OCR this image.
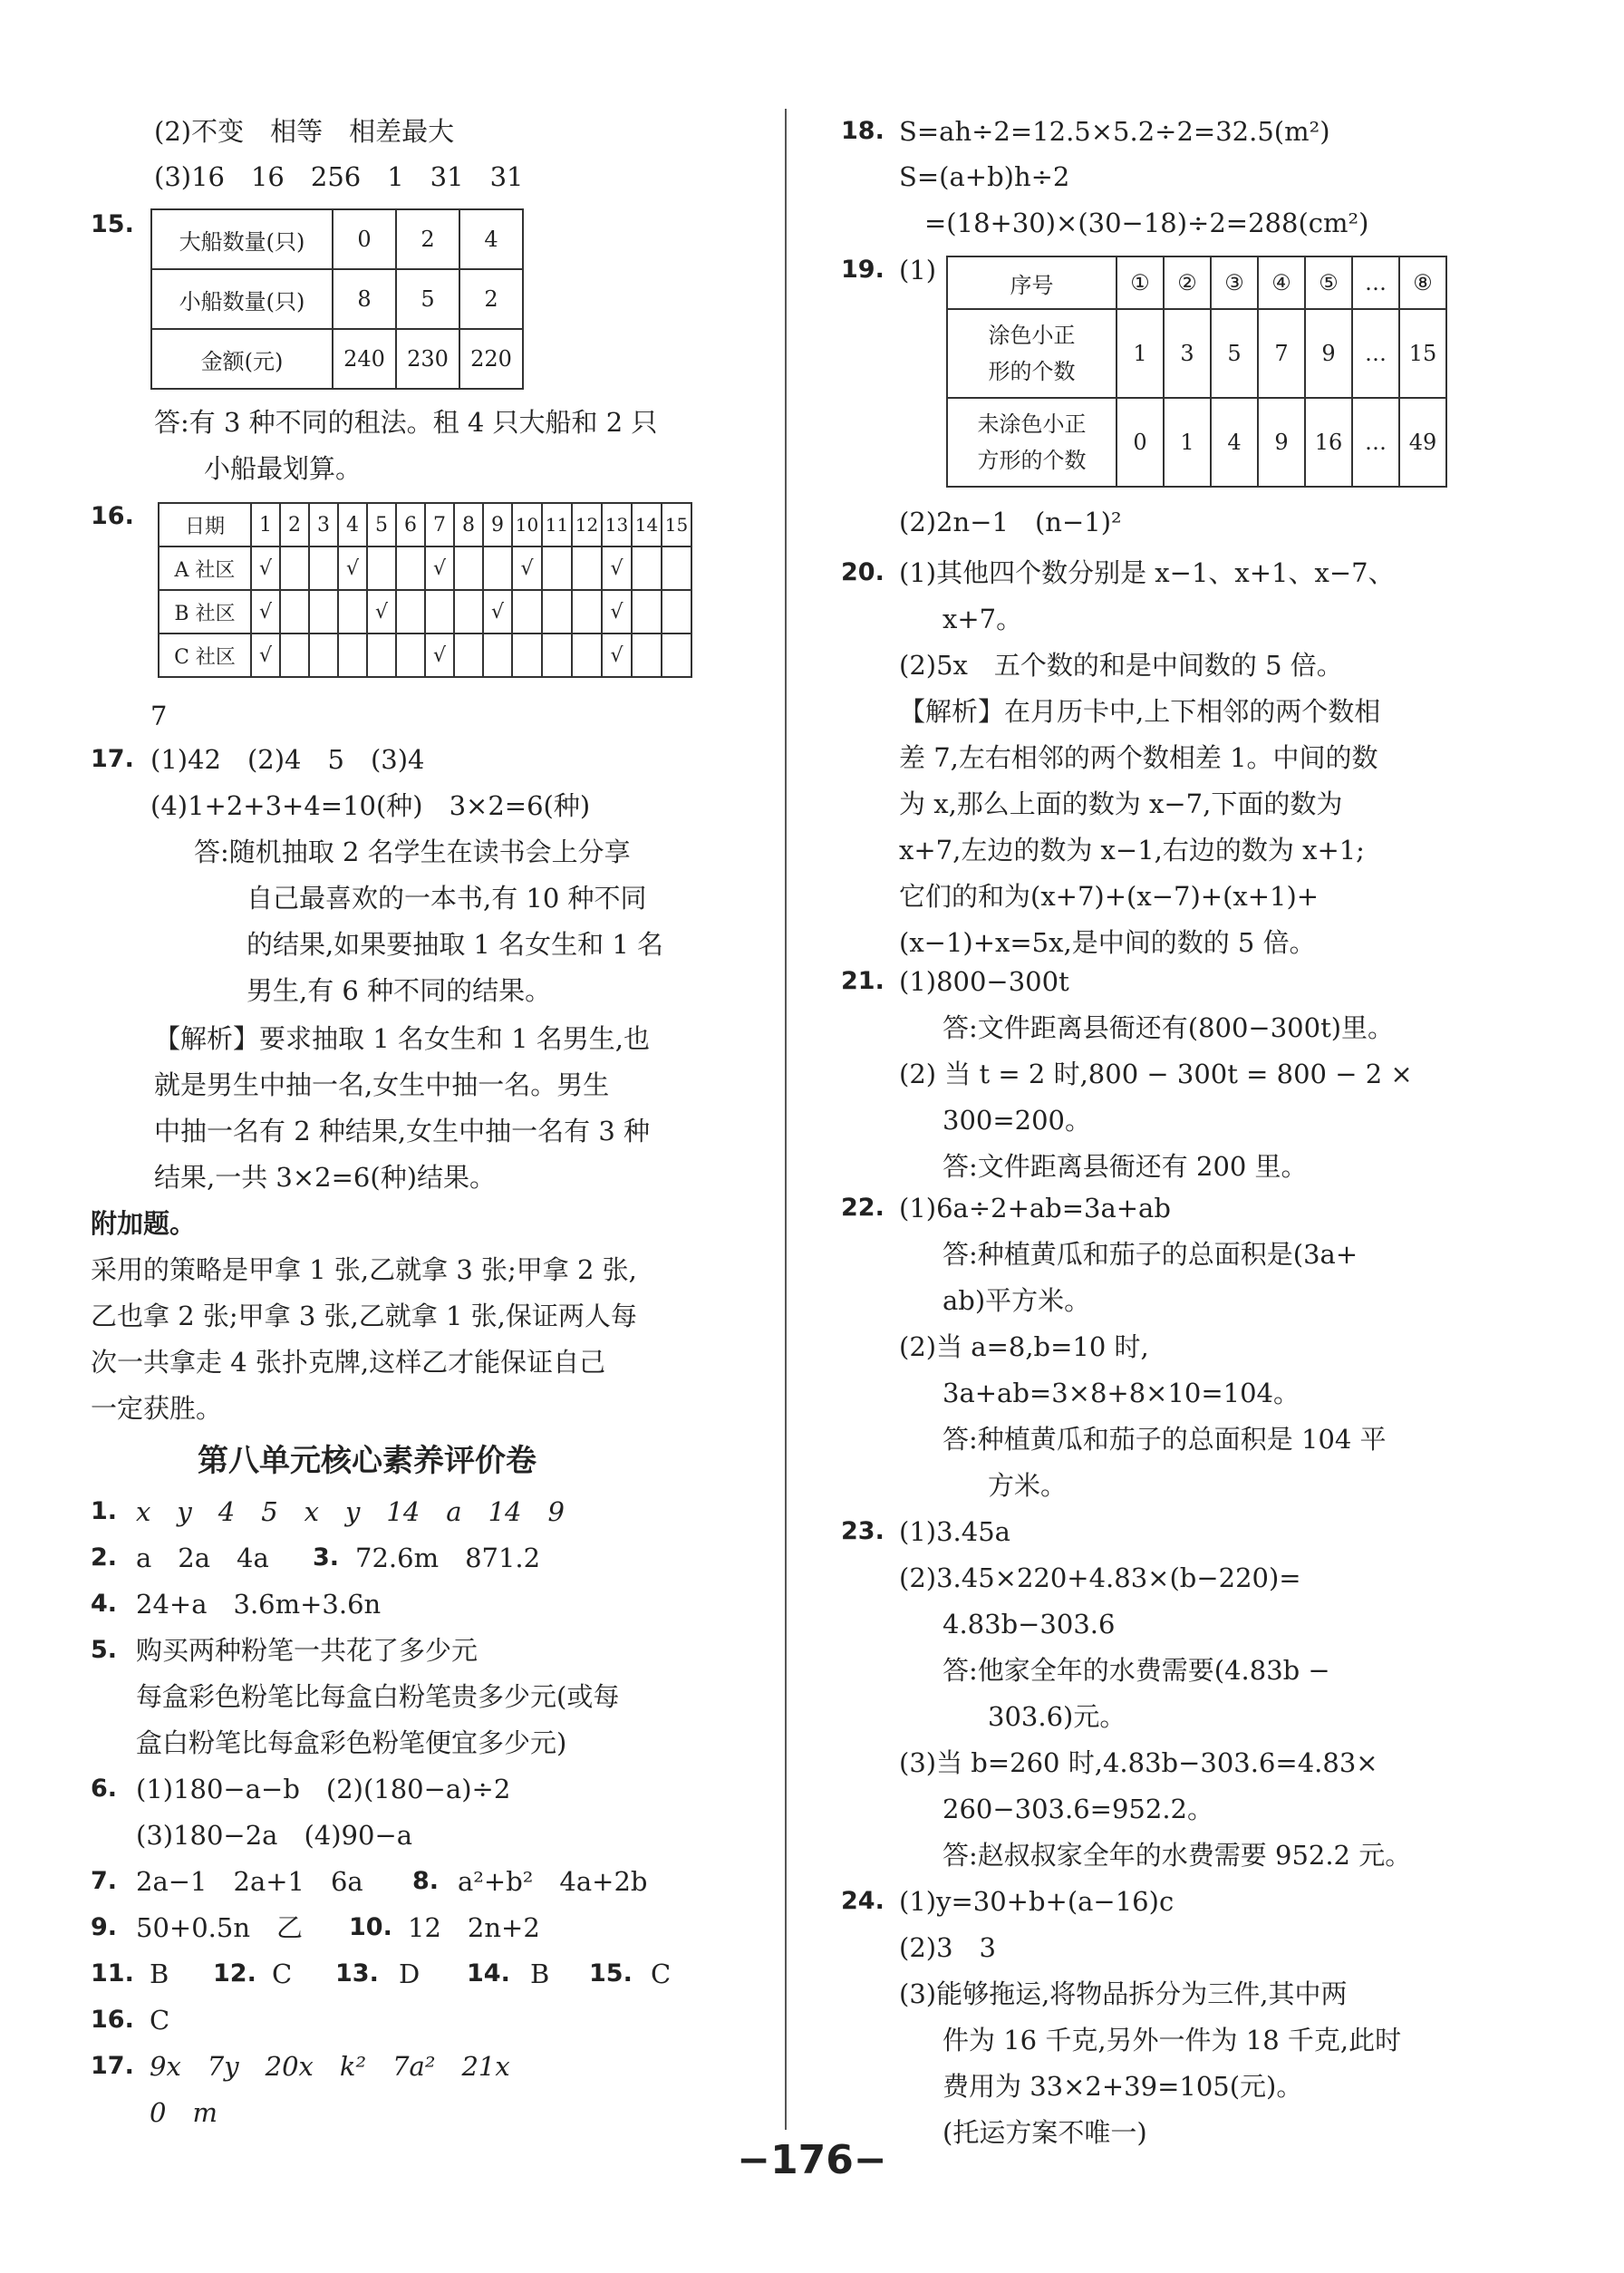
(2)不变　相等　相差最大
(3)16　16　256　1　31　31
15.
大船数量(只)	0	2	4
小船数量(只)	8	5	2
金额(元)	240	230	220
答:有 3 种不同的租法。租 4 只大船和 2 只
小船最划算。
16.	日期	1	2	3	4	5	6	7	8	9	10	11	12	13	14	15
A 社区	√			√			√			√			√		
B 社区	√				√				√				√		
C 社区	√						√						√		
7
17. (1)42　(2)4　5　(3)4
(4)1+2+3+4=10(种)　3×2=6(种)
答:随机抽取 2 名学生在读书会上分享
自己最喜欢的一本书,有 10 种不同
的结果,如果要抽取 1 名女生和 1 名
男生,有 6 种不同的结果。
【解析】要求抽取 1 名女生和 1 名男生,也
就是男生中抽一名,女生中抽一名。男生
中抽一名有 2 种结果,女生中抽一名有 3 种
结果,一共 3×2=6(种)结果。
附加题。
采用的策略是甲拿 1 张,乙就拿 3 张;甲拿 2 张,
乙也拿 2 张;甲拿 3 张,乙就拿 1 张,保证两人每
次一共拿走 4 张扑克牌,这样乙才能保证自己
一定获胜。
第八单元核心素养评价卷
1. x　y　4　5　x　y　14　a　14　9
2. a　2a　4a 3. 72.6m　871.2
4. 24+a　3.6m+3.6n
5. 购买两种粉笔一共花了多少元
每盒彩色粉笔比每盒白粉笔贵多少元(或每
盒白粉笔比每盒彩色粉笔便宜多少元)
6. (1)180−a−b　(2)(180−a)÷2
(3)180−2a　(4)90−a
7. 2a−1　2a+1　6a 8. a²+b²　4a+2b
9. 50+0.5n　乙 10. 12　2n+2
11. B 12. C 13. D 14. B 15. C
16. C
17. 9x　7y　20x　k²　7a²　21x
0　m
18. S=ah÷2=12.5×5.2÷2=32.5(m²)
S=(a+b)h÷2
=(18+30)×(30−18)÷2=288(cm²)
19. (1)	序号	①	②	③	④	⑤	…	⑧

涂色小正
形的个数	1	3	5	7	9	…	15

未涂色小正
方形的个数	0	1	4	9	16	…	49
(2)2n−1　(n−1)²
20. (1)其他四个数分别是 x−1、x+1、x−7、
x+7。
(2)5x　五个数的和是中间数的 5 倍。
【解析】在月历卡中,上下相邻的两个数相
差 7,左右相邻的两个数相差 1。中间的数
为 x,那么上面的数为 x−7,下面的数为
x+7,左边的数为 x−1,右边的数为 x+1;
它们的和为(x+7)+(x−7)+(x+1)+
(x−1)+x=5x,是中间的数的 5 倍。
21. (1)800−300t
答:文件距离县衙还有(800−300t)里。
(2) 当 t = 2 时,800 − 300t = 800 − 2 ×
300=200。
答:文件距离县衙还有 200 里。
22. (1)6a÷2+ab=3a+ab
答:种植黄瓜和茄子的总面积是(3a+
ab)平方米。
(2)当 a=8,b=10 时,
3a+ab=3×8+8×10=104。
答:种植黄瓜和茄子的总面积是 104 平
方米。
23. (1)3.45a
(2)3.45×220+4.83×(b−220)=
4.83b−303.6
答:他家全年的水费需要(4.83b −
303.6)元。
(3)当 b=260 时,4.83b−303.6=4.83×
260−303.6=952.2。
答:赵叔叔家全年的水费需要 952.2 元。
24. (1)y=30+b+(a−16)c
(2)3　3
(3)能够拖运,将物品拆分为三件,其中两
件为 16 千克,另外一件为 18 千克,此时
费用为 33×2+39=105(元)。
(托运方案不唯一)
−176−
